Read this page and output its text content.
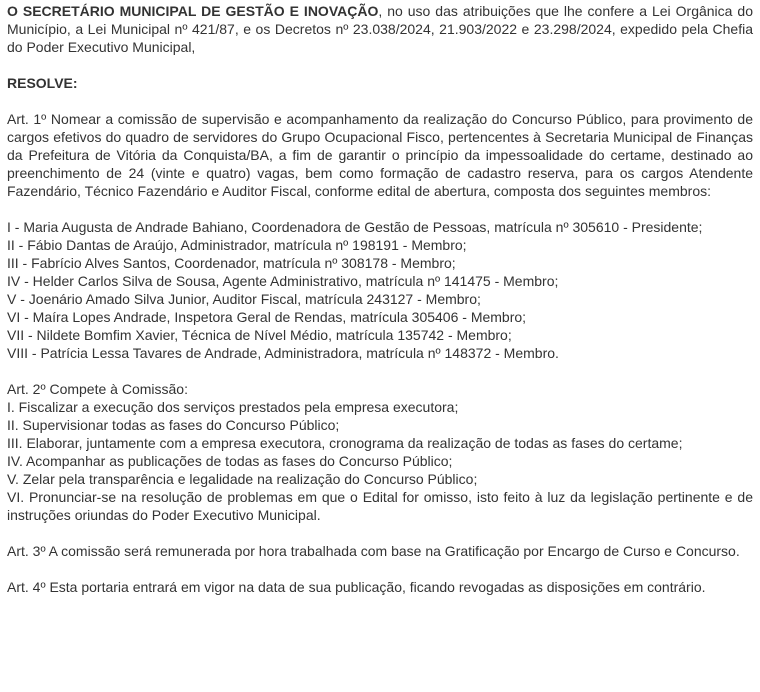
O SECRETÁRIO MUNICIPAL DE GESTÃO E INOVAÇÃO, no uso das atribuições que lhe confere a Lei Orgânica do Município, a Lei Municipal nº 421/87, e os Decretos nº 23.038/2024, 21.903/2022 e 23.298/2024, expedido pela Chefia do Poder Executivo Municipal,

RESOLVE:

Art. 1º Nomear a comissão de supervisão e acompanhamento da realização do Concurso Público, para provimento de cargos efetivos do quadro de servidores do Grupo Ocupacional Fisco, pertencentes à Secretaria Municipal de Finanças da Prefeitura de Vitória da Conquista/BA, a fim de garantir o princípio da impessoalidade do certame, destinado ao preenchimento de 24 (vinte e quatro) vagas, bem como formação de cadastro reserva, para os cargos Atendente Fazendário, Técnico Fazendário e Auditor Fiscal, conforme edital de abertura, composta dos seguintes membros:

I - Maria Augusta de Andrade Bahiano, Coordenadora de Gestão de Pessoas, matrícula nº 305610 - Presidente;
II - Fábio Dantas de Araújo, Administrador, matrícula nº 198191 - Membro;
III - Fabrício Alves Santos, Coordenador, matrícula nº 308178 - Membro;
IV - Helder Carlos Silva de Sousa, Agente Administrativo, matrícula nº 141475 - Membro;
V - Joenário Amado Silva Junior, Auditor Fiscal, matrícula 243127 - Membro;
VI - Maíra Lopes Andrade, Inspetora Geral de Rendas, matrícula 305406 - Membro;
VII - Nildete Bomfim Xavier, Técnica de Nível Médio, matrícula 135742 - Membro;
VIII - Patrícia Lessa Tavares de Andrade, Administradora, matrícula nº 148372 - Membro.
Art. 2º Compete à Comissão:
I. Fiscalizar a execução dos serviços prestados pela empresa executora;
II. Supervisionar todas as fases do Concurso Público;
III. Elaborar, juntamente com a empresa executora, cronograma da realização de todas as fases do certame;
IV. Acompanhar as publicações de todas as fases do Concurso Público;
V. Zelar pela transparência e legalidade na realização do Concurso Público;
VI. Pronunciar-se na resolução de problemas em que o Edital for omisso, isto feito à luz da legislação pertinente e de instruções oriundas do Poder Executivo Municipal.

Art. 3º A comissão será remunerada por hora trabalhada com base na Gratificação por Encargo de Curso e Concurso.

Art. 4º Esta portaria entrará em vigor na data de sua publicação, ficando revogadas as disposições em contrário.
